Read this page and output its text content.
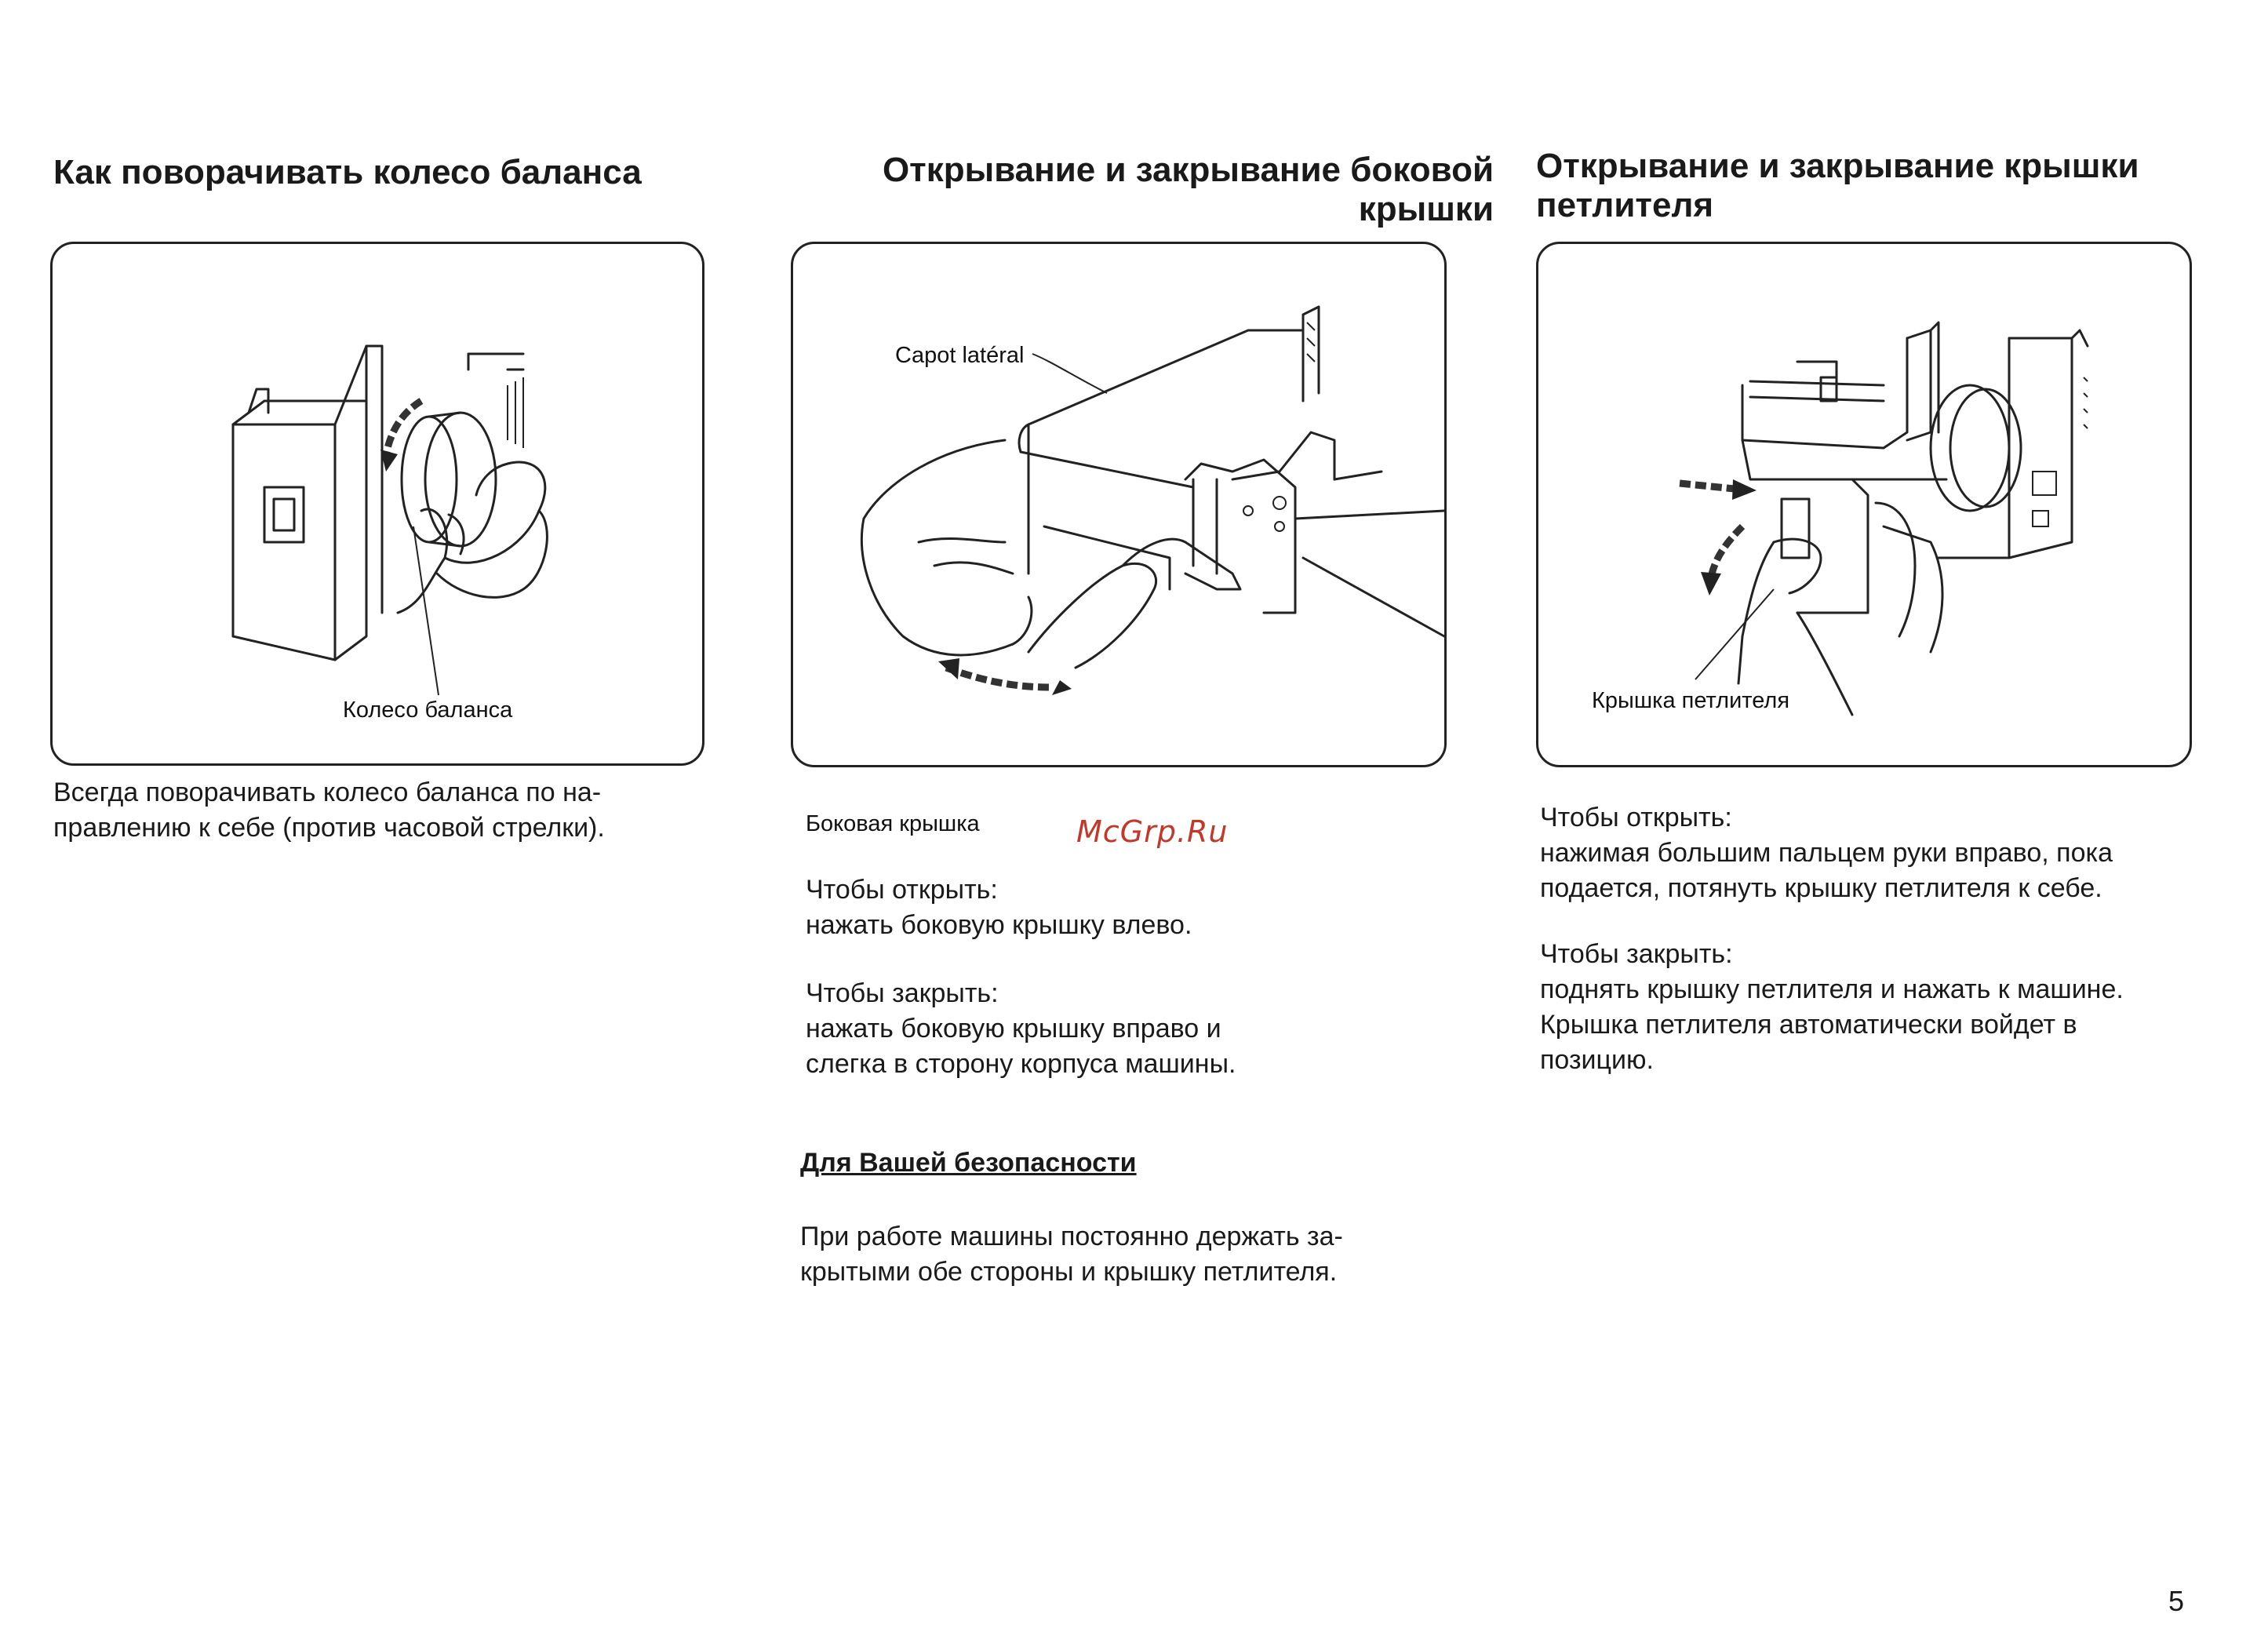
Как поворачивать колесо баланса
Колесо баланса
Всегда поворачивать колесо баланса по на-
правлению к себе (против часовой стрелки).
Открывание и закрывание боковой
крышки
Capot latéral
Боковая крышка	McGrp.Ru
Чтобы открыть:
нажать боковую крышку влево.
Чтобы закрыть:
нажать боковую крышку вправо и
слегка в сторону корпуса машины.
Для Вашей безопасности
При работе машины постоянно держать за-
крытыми обе стороны и крышку петлителя.
Открывание и закрывание крышки
петлителя
Крышка петлителя
Чтобы открыть:
нажимая большим пальцем руки вправо, пока
подается, потянуть крышку петлителя к себе.
Чтобы закрыть:
поднять крышку петлителя и нажать к машине.
Крышка петлителя автоматически войдет в
позицию.
5
